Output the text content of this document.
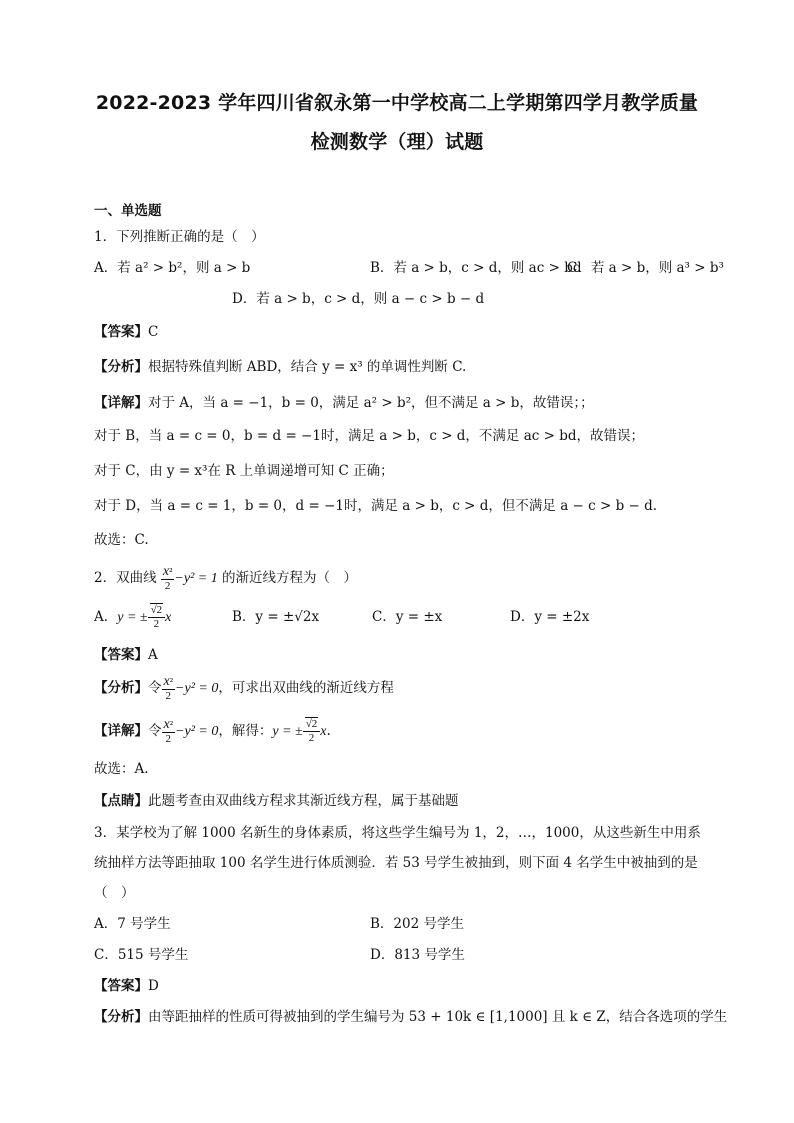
2022-2023 学年四川省叙永第一中学校高二上学期第四学月教学质量
检测数学（理）试题
一、单选题
1．下列推断正确的是（　）
A．若 a² > b²，则 a > b	B．若 a > b，c > d，则 ac > bd
C．若 a > b，则 a³ > b³
D．若 a > b，c > d，则 a − c > b − d
【答案】C
【分析】根据特殊值判断 ABD，结合 y = x³ 的单调性判断 C.
【详解】对于 A，当 a = −1，b = 0，满足 a² > b²，但不满足 a > b，故错误；；
对于 B，当 a = c = 0，b = d = −1时，满足 a > b，c > d，不满足 ac > bd，故错误；
对于 C，由 y = x³在 R 上单调递增可知 C 正确；
对于 D，当 a = c = 1，b = 0，d = −1时，满足 a > b，c > d，但不满足 a − c > b − d.
故选：C.
2．双曲线 $\frac{\text{x²}}{2} -y^2 = 1$ 的渐近线方程为（　）
A．y = ± $\frac{√2}{2}$ x	B．y = ±√2x	C．y = ±x	D．y = ±2x
【答案】A
【分析】令 $\frac{\text{x²}}{2} -y^2 = 0$，可求出双曲线的渐近线方程
【详解】令 $\frac{\text{x²}}{2} -y^2 = 0$，解得：y = ± $\frac{√2}{2} x$.
故选：A.
【点睛】此题考查由双曲线方程求其渐近线方程，属于基础题
3．某学校为了解 1000 名新生的身体素质，将这些学生编号为 1，2，…，1000，从这些新生中用系
统抽样方法等距抽取 100 名学生进行体质测验．若 53 号学生被抽到，则下面 4 名学生中被抽到的是
（　）
A．7 号学生	B．202 号学生
C．515 号学生	D．813 号学生
【答案】D
【分析】由等距抽样的性质可得被抽到的学生编号为 53 + 10k ∈ [1,1000] 且 k ∈ Z，结合各选项的学生
